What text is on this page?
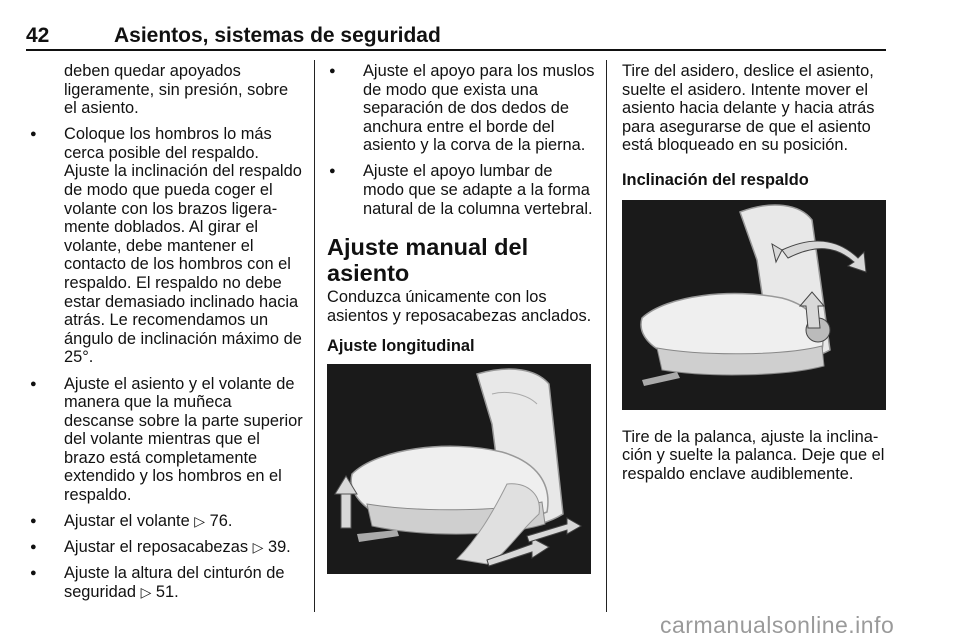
42	Asientos, sistemas de seguridad

deben quedar apoyados ligeramente, sin presión, sobre el asiento.

● Coloque los hombros lo más cerca posible del respaldo. Ajuste la inclinación del respaldo de modo que pueda coger el volante con los brazos ligeramente doblados. Al girar el volante, debe mantener el contacto de los hombros con el respaldo. El respaldo no debe estar demasiado inclinado hacia atrás. Le recomendamos un ángulo de inclinación máximo de 25°.
● Ajuste el asiento y el volante de manera que la muñeca descanse sobre la parte superior del volante mientras que el brazo está completamente extendido y los hombros en el respaldo.
● Ajustar el volante ▷ 76.
● Ajustar el reposacabezas ▷ 39.
● Ajuste la altura del cinturón de seguridad ▷ 51.
● Ajuste el apoyo para los muslos de modo que exista una separación de dos dedos de anchura entre el borde del asiento y la corva de la pierna.
● Ajuste el apoyo lumbar de modo que se adapte a la forma natural de la columna vertebral.
Ajuste manual del asiento

Conduzca únicamente con los asientos y reposacabezas anclados.

Ajuste longitudinal

Tire del asidero, deslice el asiento, suelte el asidero. Intente mover el asiento hacia delante y hacia atrás para asegurarse de que el asiento está bloqueado en su posición.

Inclinación del respaldo

Tire de la palanca, ajuste la inclinación y suelte la palanca. Deje que el respaldo enclave audiblemente.

carmanualsonline.info
